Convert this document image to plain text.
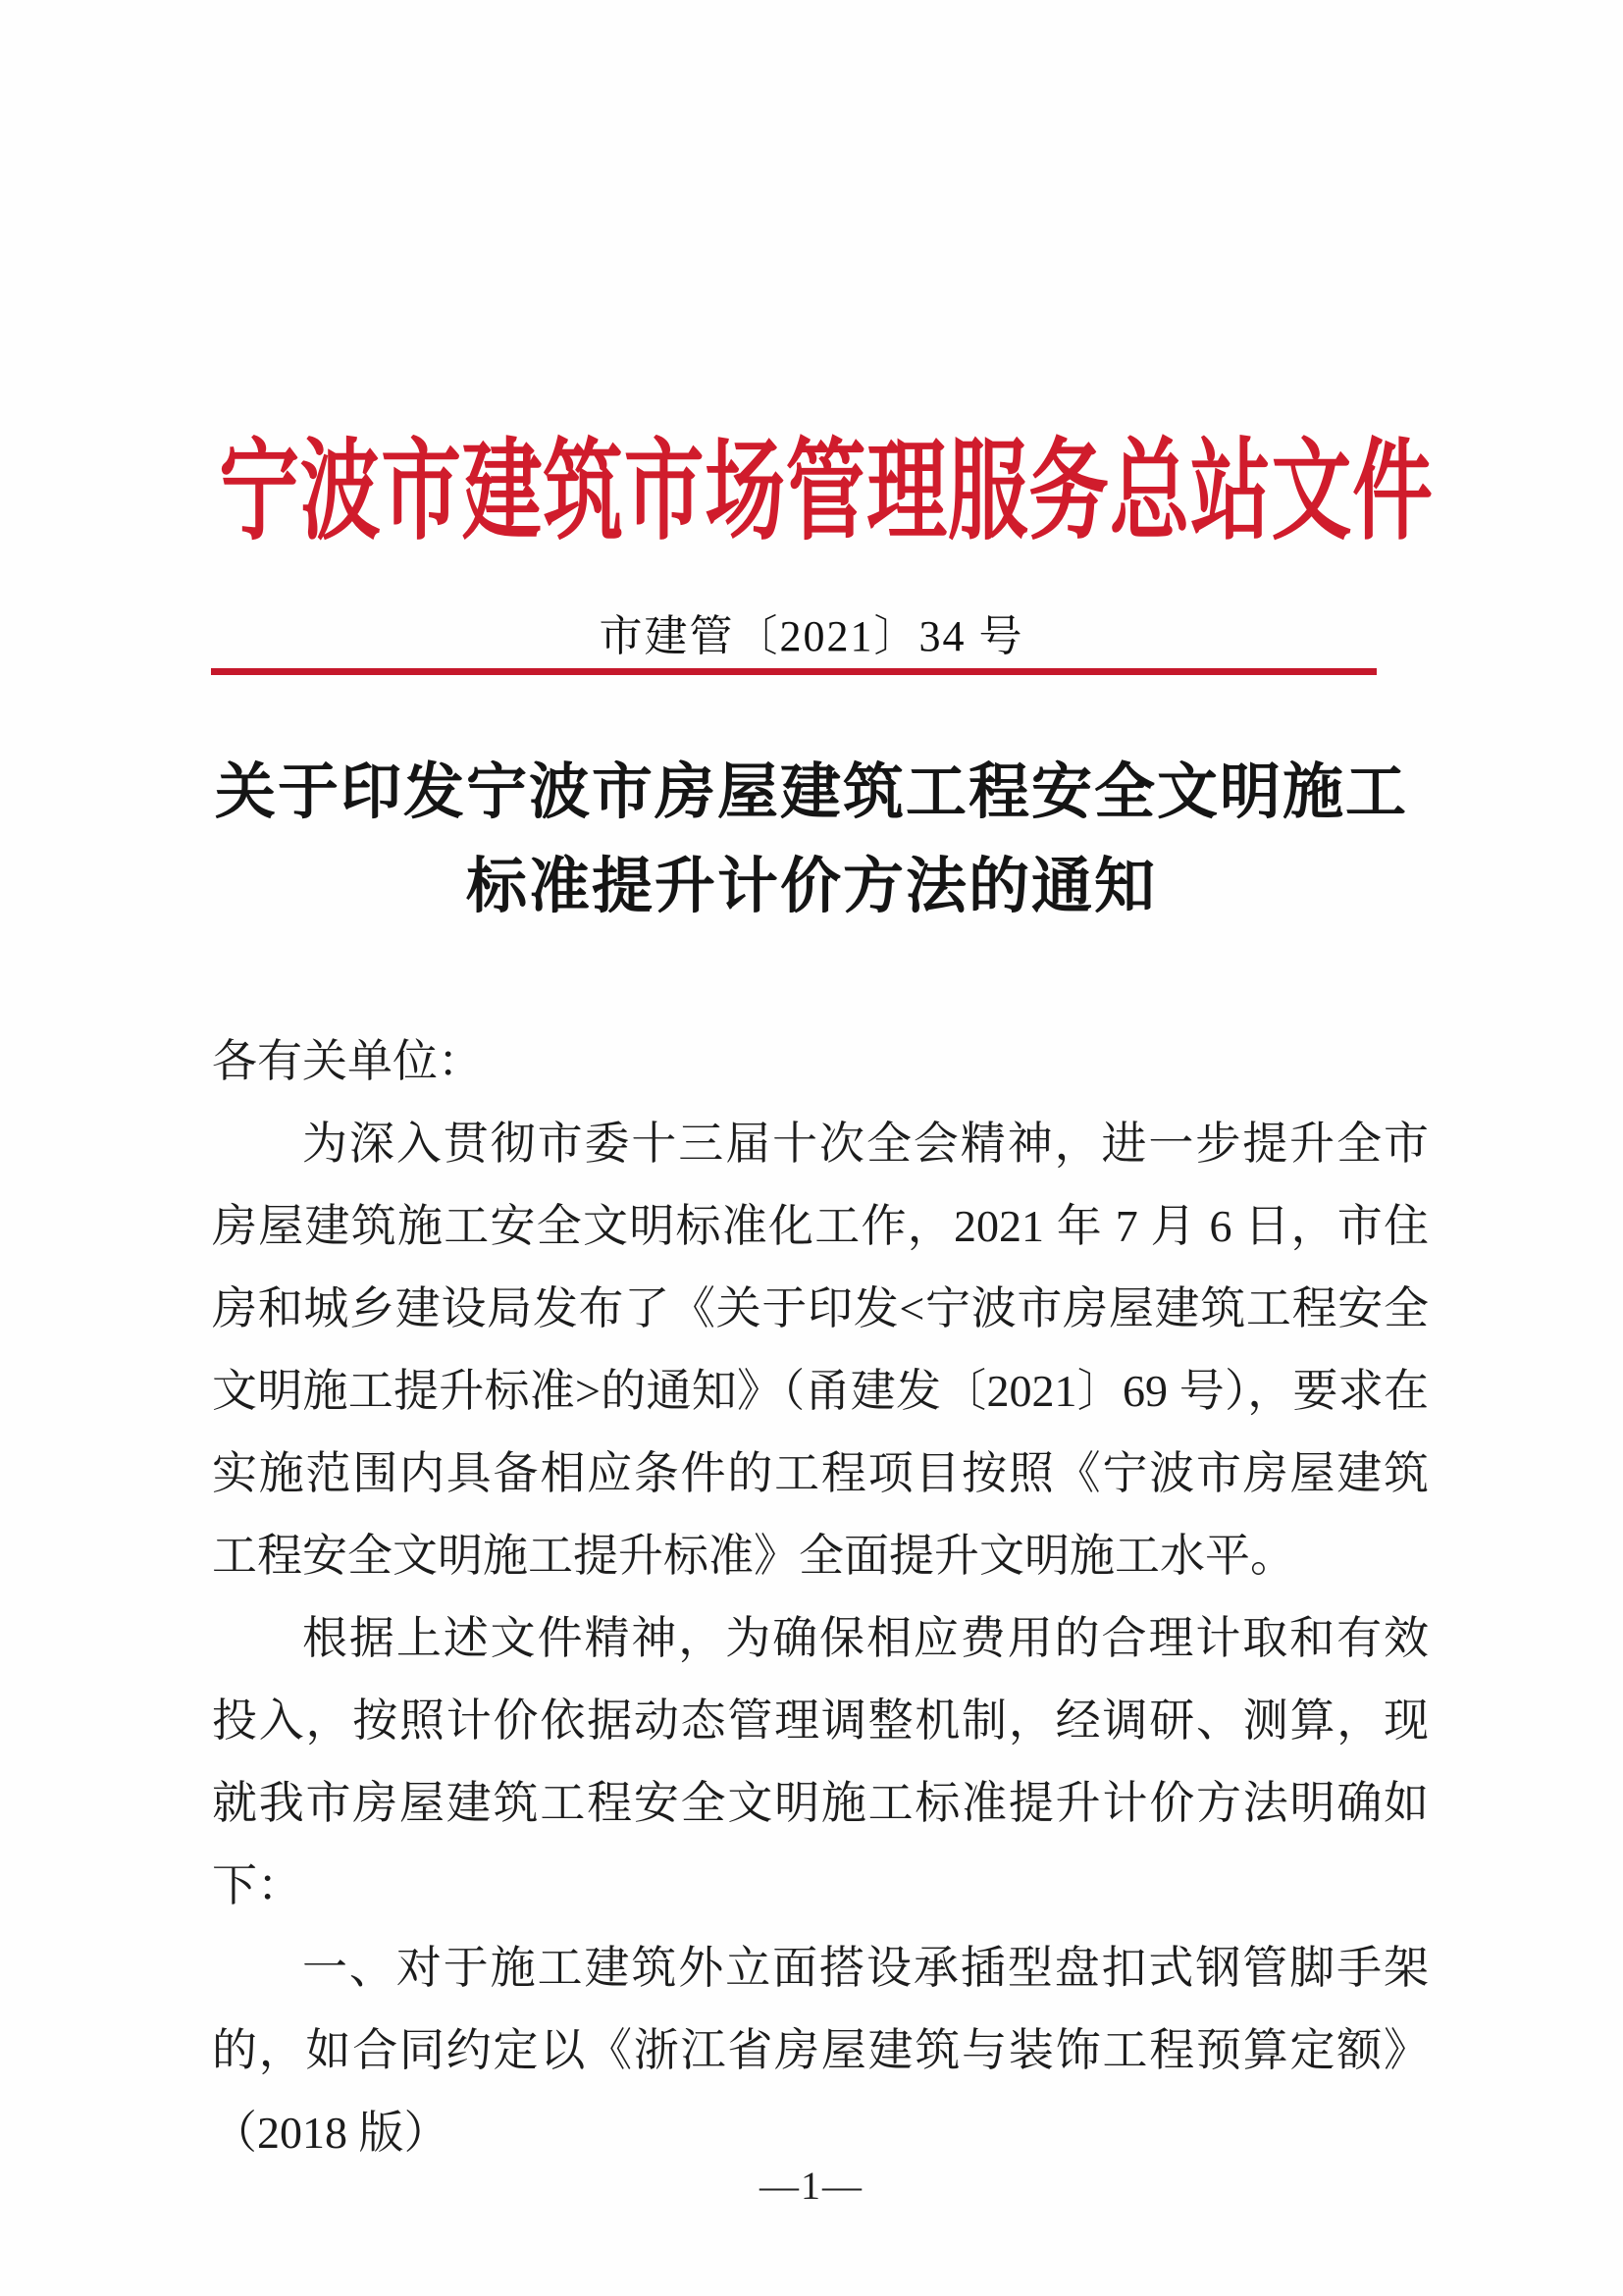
宁波市建筑市场管理服务总站文件
市建管〔2021〕34 号
关于印发宁波市房屋建筑工程安全文明施工
标准提升计价方法的通知
各有关单位：

为深入贯彻市委十三届十次全会精神，进一步提升全市房屋建筑施工安全文明标准化工作，2021 年 7 月 6 日，市住房和城乡建设局发布了《关于印发<宁波市房屋建筑工程安全文明施工提升标准>的通知》（甬建发〔2021〕69 号），要求在实施范围内具备相应条件的工程项目按照《宁波市房屋建筑工程安全文明施工提升标准》全面提升文明施工水平。

根据上述文件精神，为确保相应费用的合理计取和有效投入，按照计价依据动态管理调整机制，经调研、测算，现就我市房屋建筑工程安全文明施工标准提升计价方法明确如下：

一、对于施工建筑外立面搭设承插型盘扣式钢管脚手架的，如合同约定以《浙江省房屋建筑与装饰工程预算定额》（2018 版）

—1—
